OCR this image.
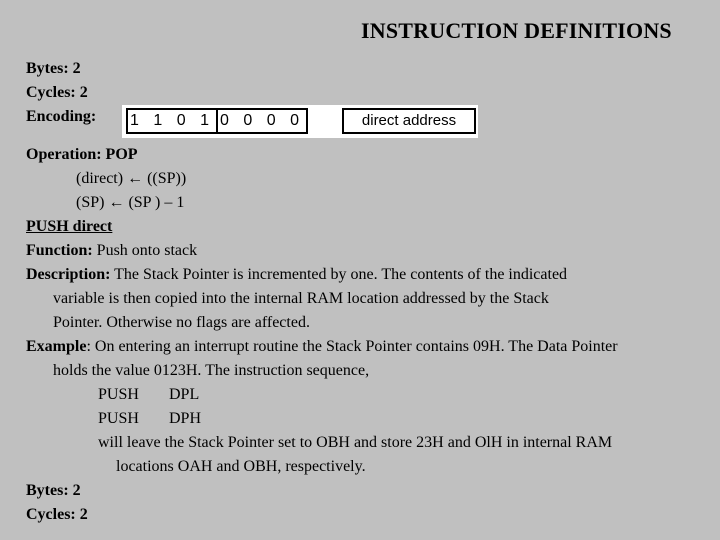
INSTRUCTION DEFINITIONS
Bytes: 2
Cycles: 2
Encoding: 1 1 0 1 0 0 0 0	direct address
Operation: POP
(direct) ← ((SP))
(SP) ← (SP ) – 1
PUSH direct
Function: Push onto stack
Description: The Stack Pointer is incremented by one. The contents of the indicated
variable is then copied into the internal RAM location addressed by the Stack
Pointer. Otherwise no flags are affected.
Example: On entering an interrupt routine the Stack Pointer contains 09H. The Data Pointer
holds the value 0123H. The instruction sequence,
PUSH DPL
PUSH DPH
will leave the Stack Pointer set to OBH and store 23H and OlH in internal RAM
locations OAH and OBH, respectively.
Bytes: 2
Cycles: 2
